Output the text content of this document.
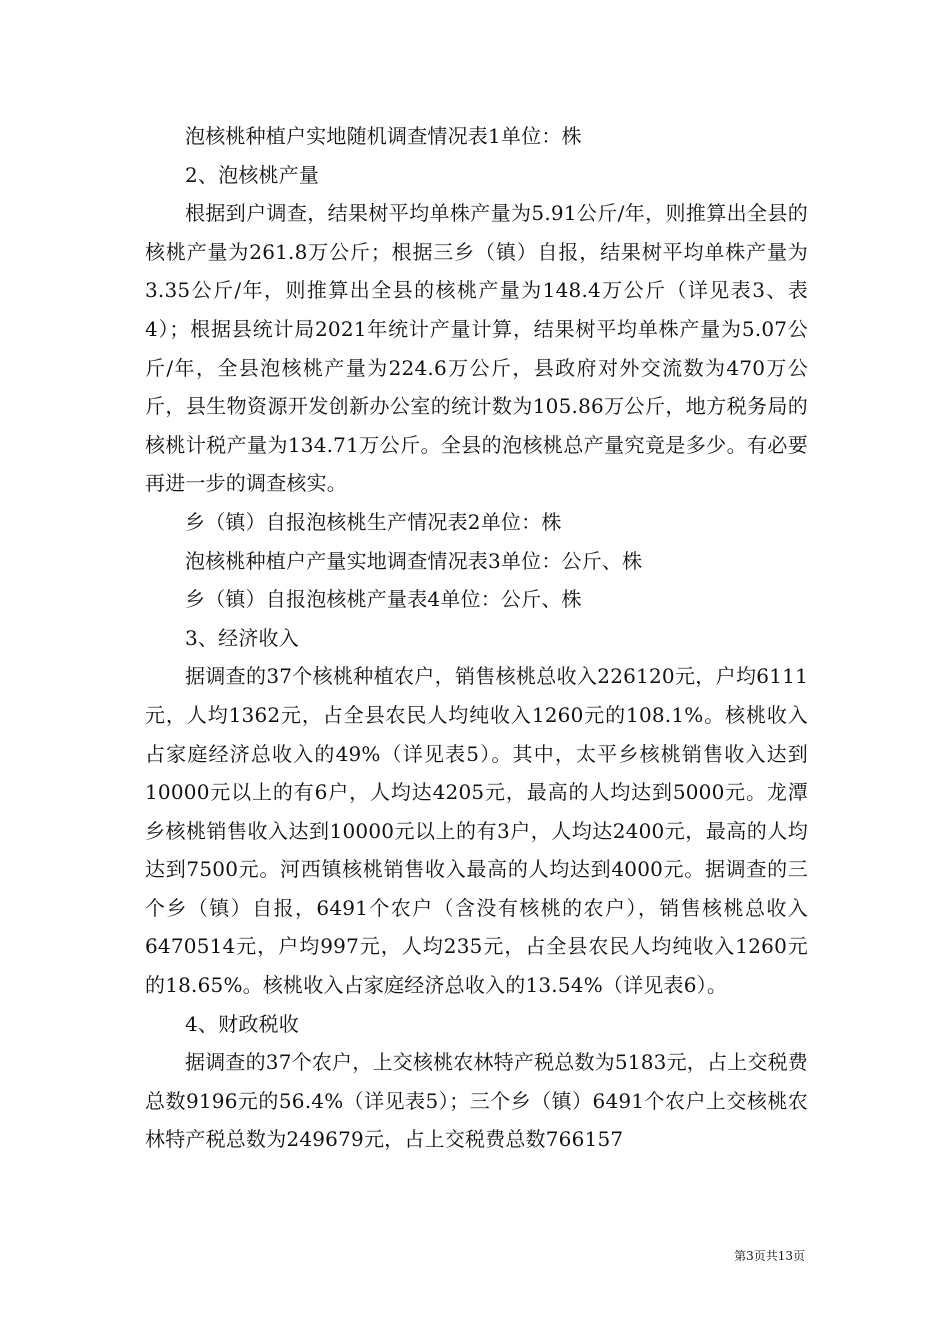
泡核桃种植户实地随机调查情况表1单位：株

2、泡核桃产量

根据到户调查，结果树平均单株产量为5.91公斤/年，则推算出全县的核桃产量为261.8万公斤；根据三乡（镇）自报，结果树平均单株产量为3.35公斤/年，则推算出全县的核桃产量为148.4万公斤（详见表3、表4）；根据县统计局2021年统计产量计算，结果树平均单株产量为5.07公斤/年，全县泡核桃产量为224.6万公斤，县政府对外交流数为470万公斤，县生物资源开发创新办公室的统计数为105.86万公斤，地方税务局的核桃计税产量为134.71万公斤。全县的泡核桃总产量究竟是多少。有必要再进一步的调查核实。

乡（镇）自报泡核桃生产情况表2单位：株

泡核桃种植户产量实地调查情况表3单位：公斤、株

乡（镇）自报泡核桃产量表4单位：公斤、株

3、经济收入

据调查的37个核桃种植农户，销售核桃总收入226120元，户均6111元，人均1362元，占全县农民人均纯收入1260元的108.1%。核桃收入占家庭经济总收入的49%（详见表5）。其中，太平乡核桃销售收入达到10000元以上的有6户，人均达4205元，最高的人均达到5000元。龙潭乡核桃销售收入达到10000元以上的有3户，人均达2400元，最高的人均达到7500元。河西镇核桃销售收入最高的人均达到4000元。据调查的三个乡（镇）自报，6491个农户（含没有核桃的农户），销售核桃总收入6470514元，户均997元，人均235元，占全县农民人均纯收入1260元的18.65%。核桃收入占家庭经济总收入的13.54%（详见表6）。

4、财政税收

据调查的37个农户，上交核桃农林特产税总数为5183元，占上交税费总数9196元的56.4%（详见表5）；三个乡（镇）6491个农户上交核桃农林特产税总数为249679元，占上交税费总数766157

第3页共13页
